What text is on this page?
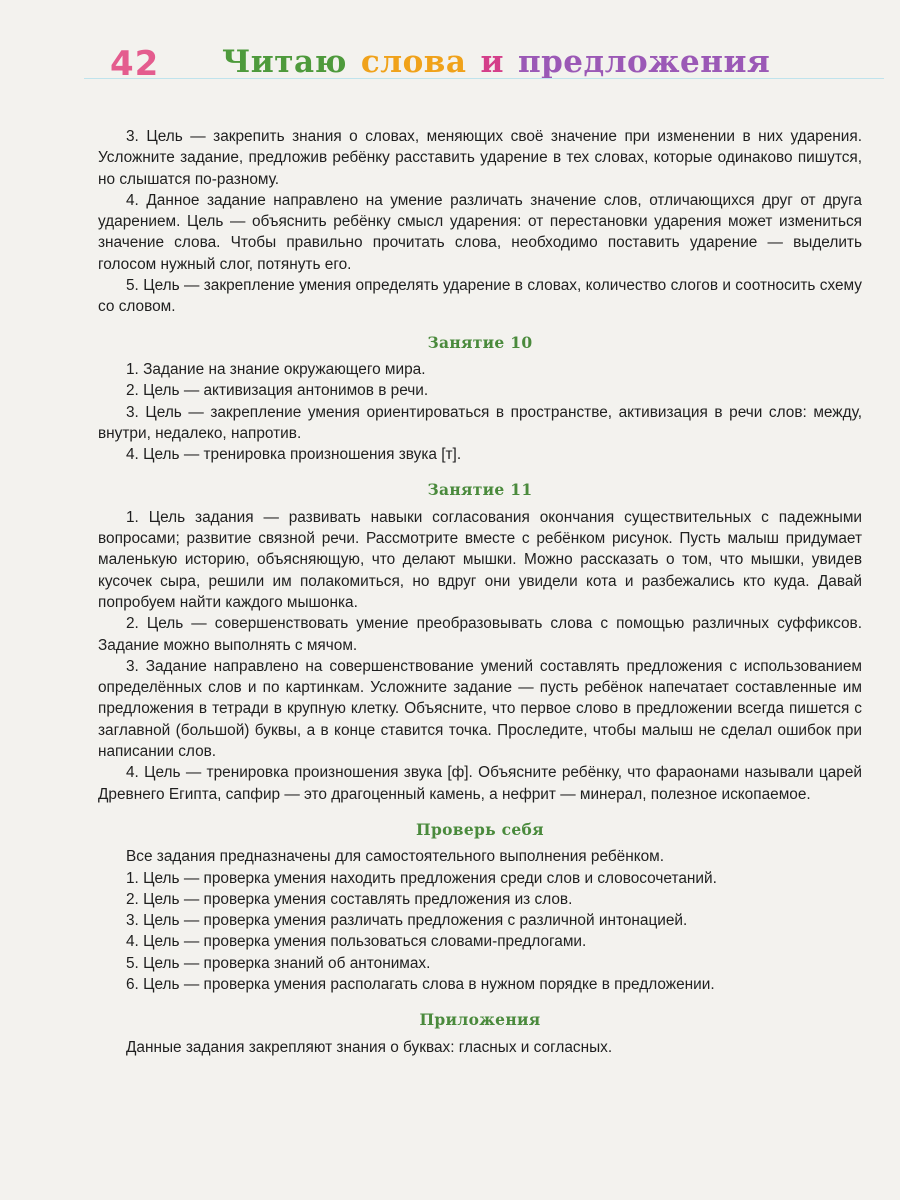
42 Читаю слова и предложения

3. Цель — закрепить знания о словах, меняющих своё значение при изменении в них ударения. Усложните задание, предложив ребёнку расставить ударение в тех словах, которые одинаково пишутся, но слышатся по-разному.

4. Данное задание направлено на умение различать значение слов, отличающихся друг от друга ударением. Цель — объяснить ребёнку смысл ударения: от перестановки ударения может измениться значение слова. Чтобы правильно прочитать слова, необходимо поставить ударение — выделить голосом нужный слог, потянуть его.

5. Цель — закрепление умения определять ударение в словах, количество слогов и соотносить схему со словом.

Занятие 10

1. Задание на знание окружающего мира.

2. Цель — активизация антонимов в речи.

3. Цель — закрепление умения ориентироваться в пространстве, активизация в речи слов: между, внутри, недалеко, напротив.

4. Цель — тренировка произношения звука [т].

Занятие 11

1. Цель задания — развивать навыки согласования окончания существительных с падежными вопросами; развитие связной речи. Рассмотрите вместе с ребёнком рисунок. Пусть малыш придумает маленькую историю, объясняющую, что делают мышки. Можно рассказать о том, что мышки, увидев кусочек сыра, решили им полакомиться, но вдруг они увидели кота и разбежались кто куда. Давай попробуем найти каждого мышонка.

2. Цель — совершенствовать умение преобразовывать слова с помощью различных суффиксов. Задание можно выполнять с мячом.

3. Задание направлено на совершенствование умений составлять предложения с использованием определённых слов и по картинкам. Усложните задание — пусть ребёнок напечатает составленные им предложения в тетради в крупную клетку. Объясните, что первое слово в предложении всегда пишется с заглавной (большой) буквы, а в конце ставится точка. Проследите, чтобы малыш не сделал ошибок при написании слов.

4. Цель — тренировка произношения звука [ф]. Объясните ребёнку, что фараонами называли царей Древнего Египта, сапфир — это драгоценный камень, а нефрит — минерал, полезное ископаемое.

Проверь себя

Все задания предназначены для самостоятельного выполнения ребёнком.

1. Цель — проверка умения находить предложения среди слов и словосочетаний.

2. Цель — проверка умения составлять предложения из слов.

3. Цель — проверка умения различать предложения с различной интонацией.

4. Цель — проверка умения пользоваться словами-предлогами.

5. Цель — проверка знаний об антонимах.

6. Цель — проверка умения располагать слова в нужном порядке в предложении.

Приложения

Данные задания закрепляют знания о буквах: гласных и согласных.
